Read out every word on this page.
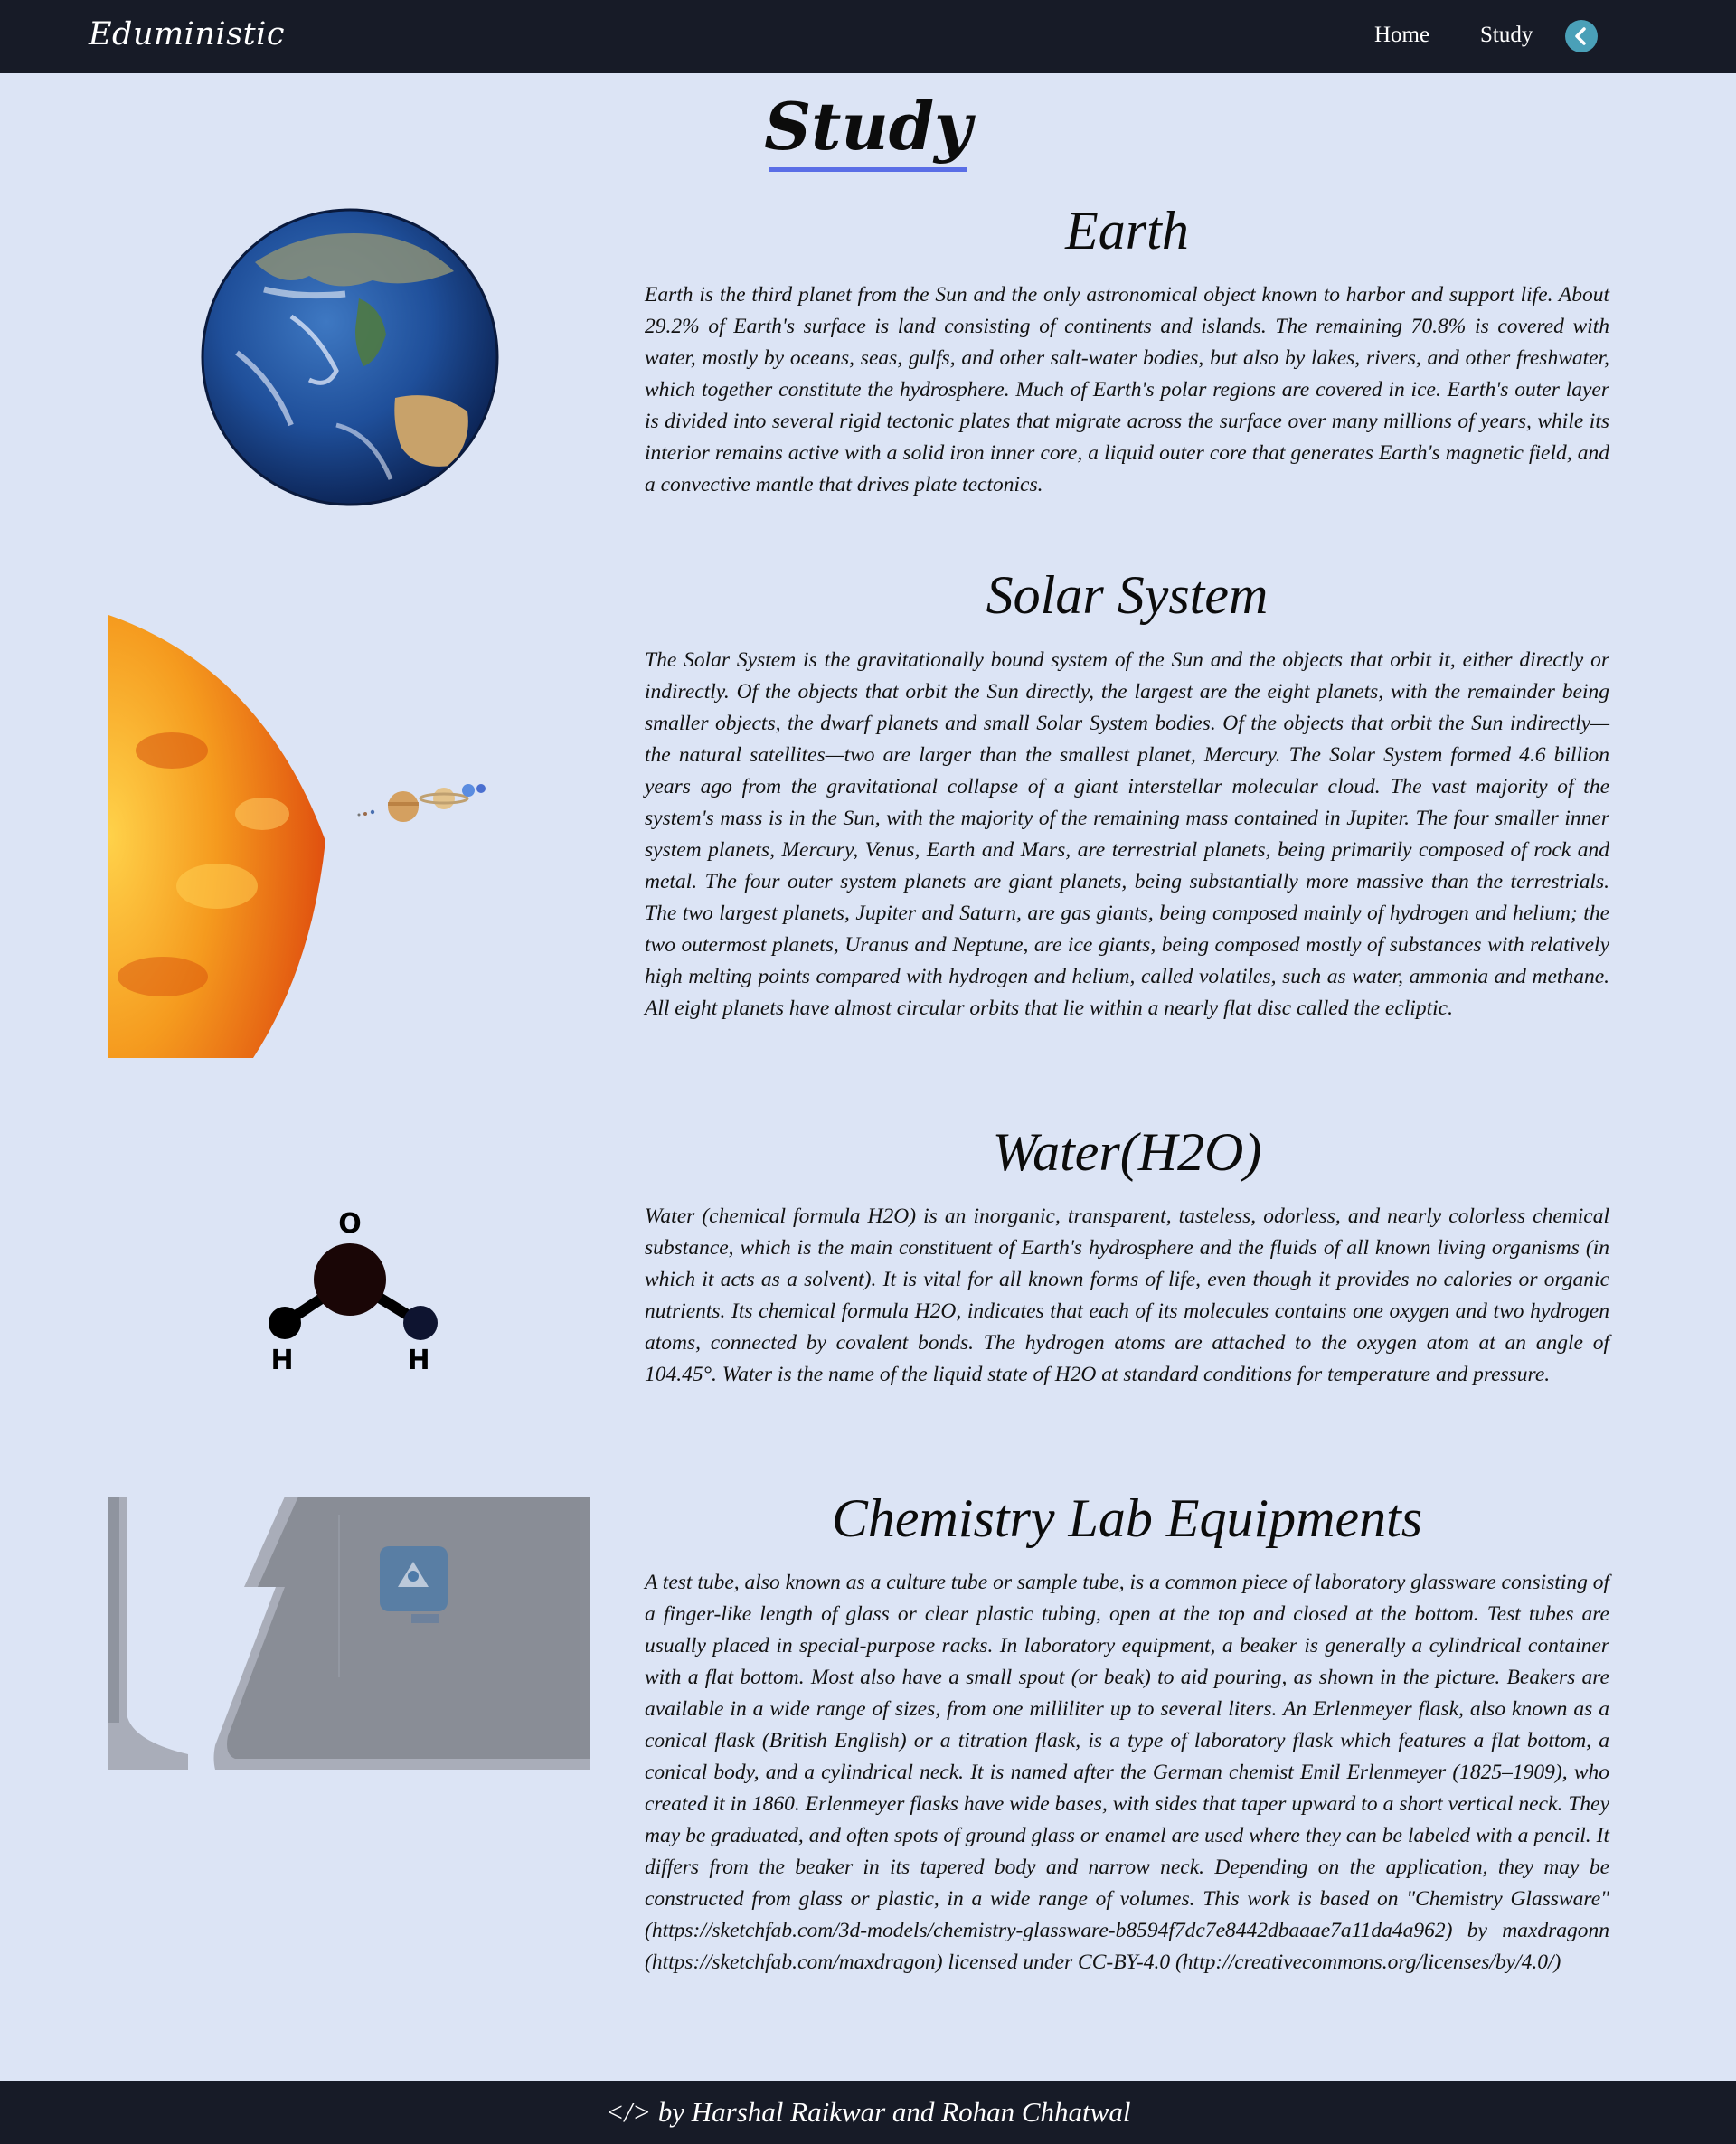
Eduministic	Home Study
Study
Earth

Earth is the third planet from the Sun and the only astronomical object known to harbor and support life. About 29.2% of Earth's surface is land consisting of continents and islands. The remaining 70.8% is covered with water, mostly by oceans, seas, gulfs, and other salt-water bodies, but also by lakes, rivers, and other freshwater, which together constitute the hydrosphere. Much of Earth's polar regions are covered in ice. Earth's outer layer is divided into several rigid tectonic plates that migrate across the surface over many millions of years, while its interior remains active with a solid iron inner core, a liquid outer core that generates Earth's magnetic field, and a convective mantle that drives plate tectonics.

Solar System

The Solar System is the gravitationally bound system of the Sun and the objects that orbit it, either directly or indirectly. Of the objects that orbit the Sun directly, the largest are the eight planets, with the remainder being smaller objects, the dwarf planets and small Solar System bodies. Of the objects that orbit the Sun indirectly—the natural satellites—two are larger than the smallest planet, Mercury. The Solar System formed 4.6 billion years ago from the gravitational collapse of a giant interstellar molecular cloud. The vast majority of the system's mass is in the Sun, with the majority of the remaining mass contained in Jupiter. The four smaller inner system planets, Mercury, Venus, Earth and Mars, are terrestrial planets, being primarily composed of rock and metal. The four outer system planets are giant planets, being substantially more massive than the terrestrials. The two largest planets, Jupiter and Saturn, are gas giants, being composed mainly of hydrogen and helium; the two outermost planets, Uranus and Neptune, are ice giants, being composed mostly of substances with relatively high melting points compared with hydrogen and helium, called volatiles, such as water, ammonia and methane. All eight planets have almost circular orbits that lie within a nearly flat disc called the ecliptic.

O
H	H
Water(H2O)

Water (chemical formula H2O) is an inorganic, transparent, tasteless, odorless, and nearly colorless chemical substance, which is the main constituent of Earth's hydrosphere and the fluids of all known living organisms (in which it acts as a solvent). It is vital for all known forms of life, even though it provides no calories or organic nutrients. Its chemical formula H2O, indicates that each of its molecules contains one oxygen and two hydrogen atoms, connected by covalent bonds. The hydrogen atoms are attached to the oxygen atom at an angle of 104.45°. Water is the name of the liquid state of H2O at standard conditions for temperature and pressure.

Chemistry Lab Equipments

A test tube, also known as a culture tube or sample tube, is a common piece of laboratory glassware consisting of a finger-like length of glass or clear plastic tubing, open at the top and closed at the bottom. Test tubes are usually placed in special-purpose racks. In laboratory equipment, a beaker is generally a cylindrical container with a flat bottom. Most also have a small spout (or beak) to aid pouring, as shown in the picture. Beakers are available in a wide range of sizes, from one milliliter up to several liters. An Erlenmeyer flask, also known as a conical flask (British English) or a titration flask, is a type of laboratory flask which features a flat bottom, a conical body, and a cylindrical neck. It is named after the German chemist Emil Erlenmeyer (1825–1909), who created it in 1860. Erlenmeyer flasks have wide bases, with sides that taper upward to a short vertical neck. They may be graduated, and often spots of ground glass or enamel are used where they can be labeled with a pencil. It differs from the beaker in its tapered body and narrow neck. Depending on the application, they may be constructed from glass or plastic, in a wide range of volumes. This work is based on "Chemistry Glassware" (https://sketchfab.com/3d-models/chemistry-glassware-b8594f7dc7e8442dbaaae7a11da4a962) by maxdragonn (https://sketchfab.com/maxdragon) licensed under CC-BY-4.0 (http://creativecommons.org/licenses/by/4.0/)

</> by Harshal Raikwar and Rohan Chhatwal
